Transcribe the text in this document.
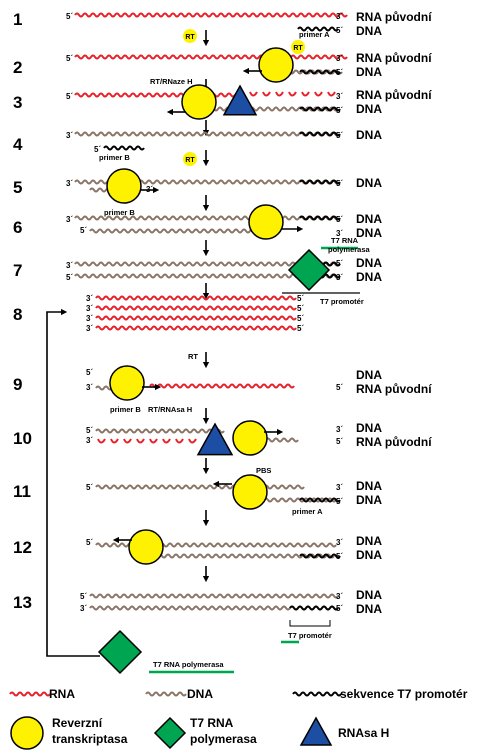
1
2
3
4
5
6
7
8
9
10
11
12
13
RT
RT
RT
RNA původní
DNA
RNA původní
DNA
RNA původní
DNA
DNA
DNA
DNA
DNA
DNA
DNA
DNA
RNA původní
DNA
RNA původní
DNA
DNA
DNA
DNA
DNA
DNA
5´	3´
5´
5´	3´
5´
5´	3´
5´
3´	5´
5´
3´
3´
5´
3´
5´
5´
3´
3´
5´
5´
3´
3´
3´
3´
3´
5´
5´
5´
5´
5´
3´	5´
5´
3´
3´
5´
5´	3´
5´
5´	3´
5´
5´
3´
3´
5´
primer A
RT/RNaze H
primer B
primer B
T7 RNA
polymerasa
T7 promotér
RT
primer B RT/RNAsa H
PBS
primer A
T7 promotér
T7 RNA polymerasa
RNA	DNA	sekvence T7 promotér
Reverzní
transkriptasa
T7 RNA
polymerasa	RNAsa H
